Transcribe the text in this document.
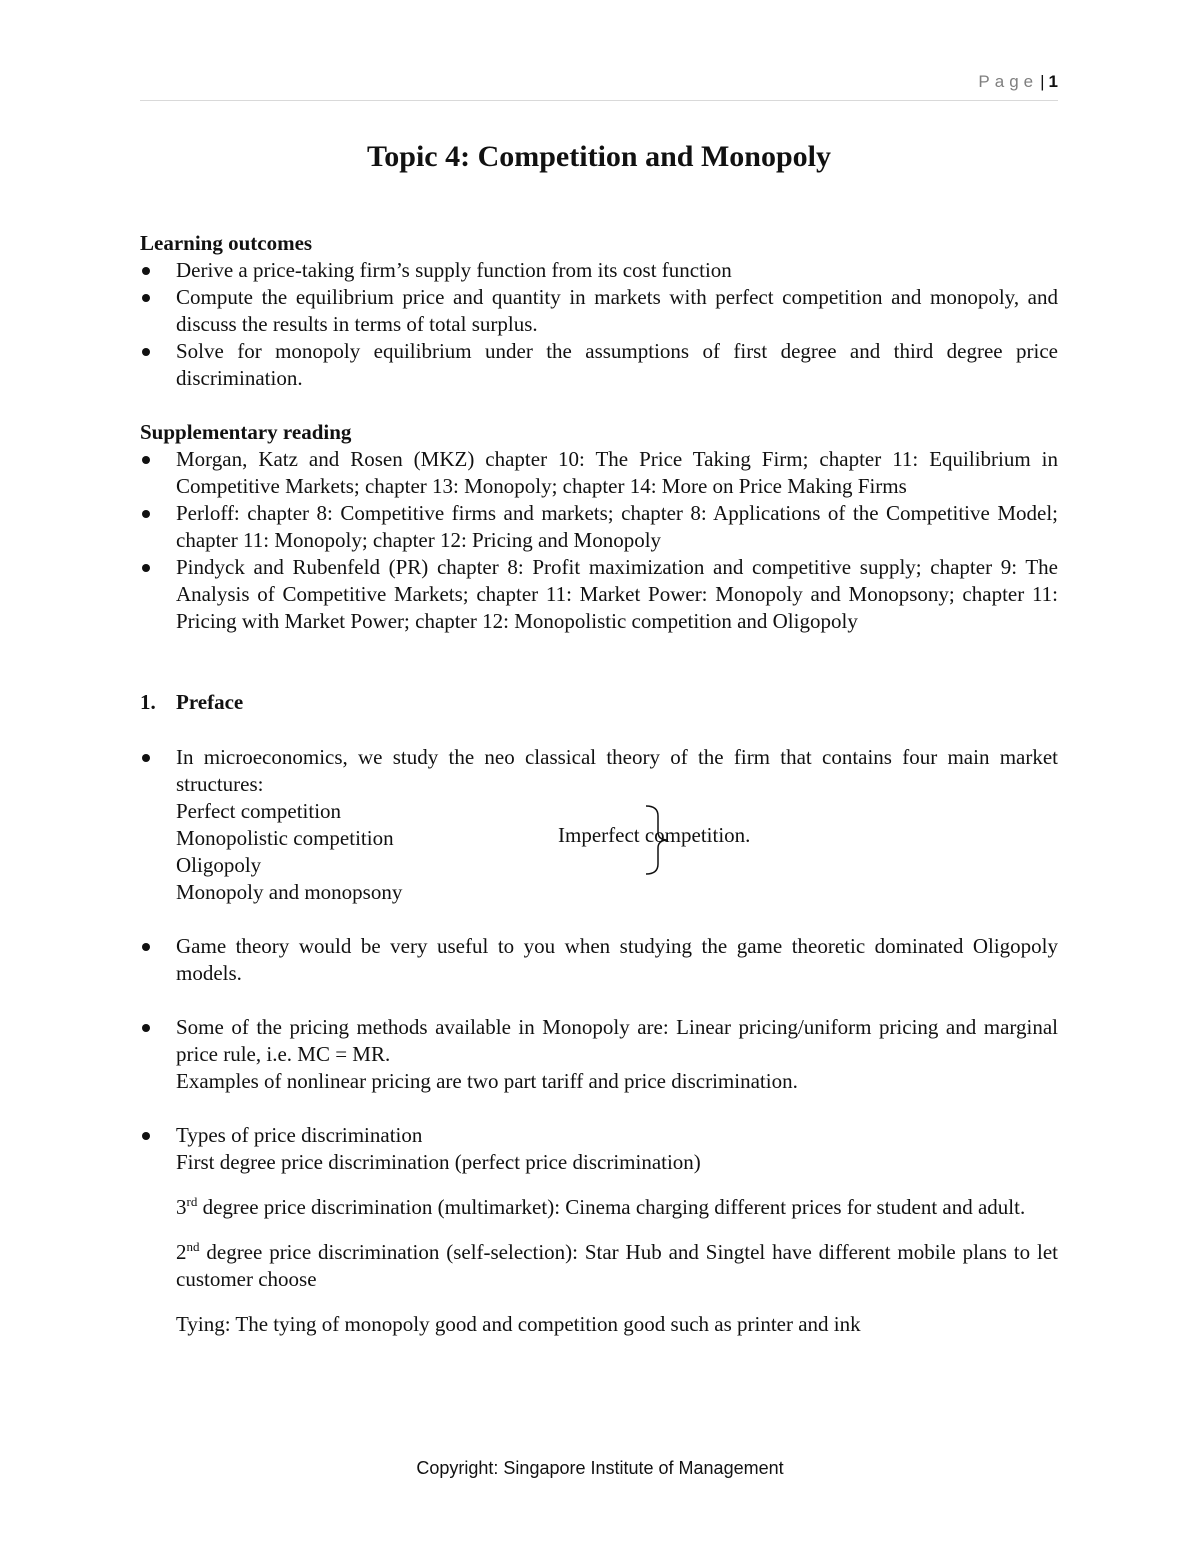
Page | 1
Topic 4: Competition and Monopoly

Learning outcomes

Derive a price-taking firm’s supply function from its cost function
Compute the equilibrium price and quantity in markets with perfect competition and monopoly, and discuss the results in terms of total surplus.
Solve for monopoly equilibrium under the assumptions of first degree and third degree price discrimination.

Supplementary reading

Morgan, Katz and Rosen (MKZ) chapter 10: The Price Taking Firm; chapter 11: Equilibrium in Competitive Markets; chapter 13: Monopoly; chapter 14: More on Price Making Firms
Perloff: chapter 8: Competitive firms and markets; chapter 8: Applications of the Competitive Model; chapter 11: Monopoly; chapter 12: Pricing and Monopoly
Pindyck and Rubenfeld (PR) chapter 8: Profit maximization and competitive supply; chapter 9: The Analysis of Competitive Markets; chapter 11: Market Power: Monopoly and Monopsony; chapter 11: Pricing with Market Power; chapter 12: Monopolistic competition and Oligopoly

1. Preface

In microeconomics, we study the neo classical theory of the firm that contains four main market structures:
Perfect competition
Monopolistic competition
Oligopoly
Monopoly and monopsony
Imperfect competition.
Game theory would be very useful to you when studying the game theoretic dominated Oligopoly models.
Some of the pricing methods available in Monopoly are: Linear pricing/uniform pricing and marginal price rule, i.e. MC = MR.
Examples of nonlinear pricing are two part tariff and price discrimination.
Types of price discrimination
First degree price discrimination (perfect price discrimination)
3rd degree price discrimination (multimarket): Cinema charging different prices for student and adult.
2nd degree price discrimination (self-selection): Star Hub and Singtel have different mobile plans to let customer choose
Tying: The tying of monopoly good and competition good such as printer and ink
Copyright: Singapore Institute of Management
